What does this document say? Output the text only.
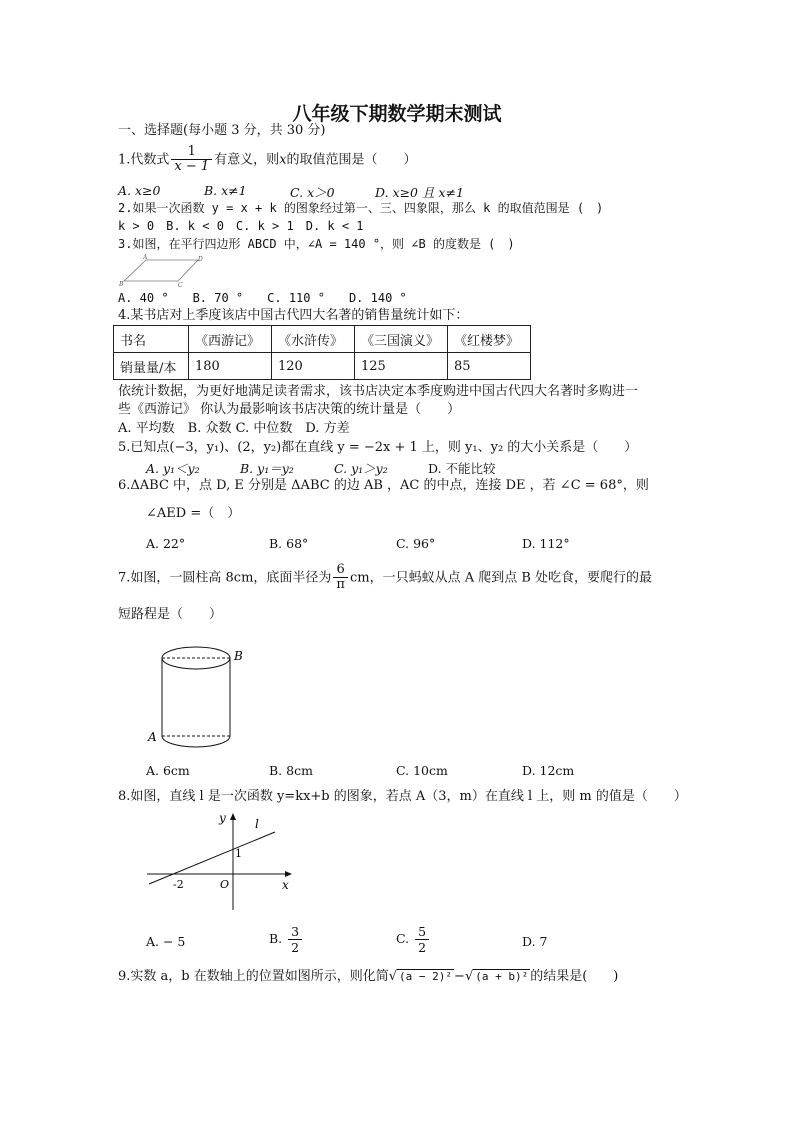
八年级下期数学期末测试
一、选择题(每小题 3 分，共 30 分)
1.代数式 $\frac{1}{x - 1}$ 有意义，则x的取值范围是（　　）
A. x≥0	B. x≠1	C. x＞0	D. x≥0 且 x≠1
2.如果一次函数 y = x + k 的图象经过第一、三、四象限，那么 k 的取值范围是 (　)
k > 0　B. k < 0　C. k > 1　D. k < 1
3.如图，在平行四边形 ABCD 中，∠A = 140 °，则 ∠B 的度数是 (　)
A	D
B	C
A. 40 °　　B. 70 °　　C. 110 °　　D. 140 °
4.某书店对上季度该店中国古代四大名著的销售量统计如下：
书名	《西游记》	《水浒传》	《三国演义》	《红楼梦》
销量量/本	180	120	125	85
依统计数据，为更好地满足读者需求，该书店决定本季度购进中国古代四大名著时多购进一
些《西游记》 你认为最影响该书店决策的统计量是（　　）
A. 平均数　B. 众数 C. 中位数　D. 方差
5.已知点(−3，y₁)、(2，y₂)都在直线 y = −2x + 1 上，则 y₁、y₂ 的大小关系是（　　）
A. y₁＜y₂	B. y₁＝y₂	C. y₁＞y₂	D. 不能比较
6.ΔABC 中，点 D, E 分别是 ΔABC 的边 AB ，AC 的中点，连接 DE ，若 ∠C = 68°，则
∠AED =（　）
A. 22°	B. 68°	C. 96°	D. 112°
7.如图，一圆柱高 8cm，底面半径为 $\frac{6}{\pi}$ cm，一只蚂蚁从点 A 爬到点 B 处吃食，要爬行的最
短路程是（　　）
B
A
A. 6cm	B. 8cm	C. 10cm	D. 12cm
8.如图，直线 l 是一次函数 y=kx+b 的图象，若点 A（3，m）在直线 l 上，则 m 的值是（　　）
y l
1
-2	O	x
A. − 5	B. $\frac{3}{2}$	C. $\frac{5}{2}$	D. 7
9.实数 a，b 在数轴上的位置如图所示，则化简√ (a − 2)² −√ (a + b)² 的结果是(　　)
